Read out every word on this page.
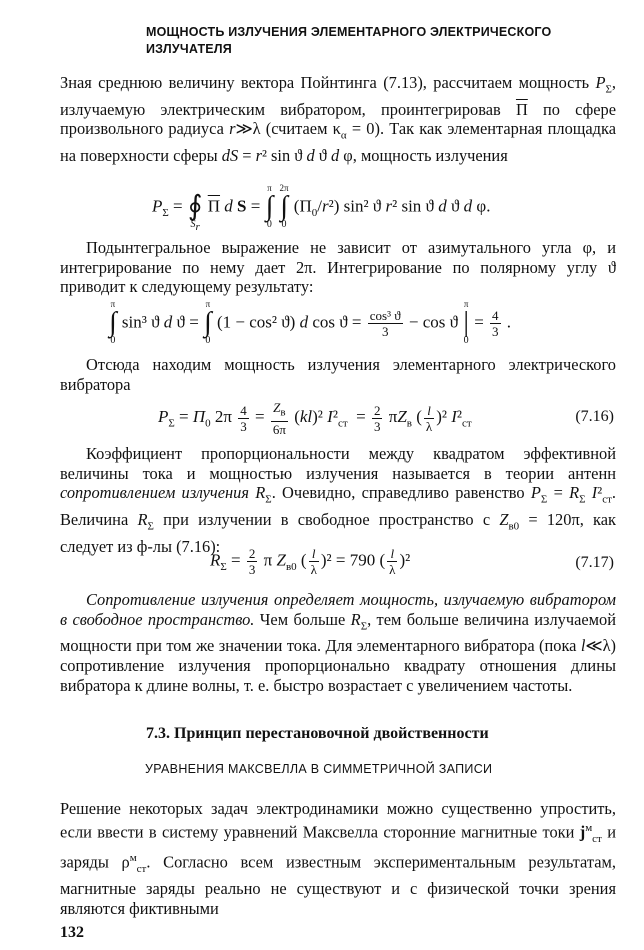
МОЩНОСТЬ ИЗЛУЧЕНИЯ ЭЛЕМЕНТАРНОГО ЭЛЕКТРИЧЕСКОГО ИЗЛУЧАТЕЛЯ

Зная среднюю величину вектора Пойнтинга (7.13), рассчитаем мощность $P_\Sigma$, излучаемую электрическим вибратором, проинтегрировав П по сфере произвольного радиуса r≫λ (считаем $\kappa_\alpha = 0$). Так как элементарная площадка на поверхности сферы dS = r² sin ϑ d ϑ d φ, мощность излучения

$P_\Sigma$ = ∮
$S_r$
П d S =
π
∫
0

2π
∫
0
$(П_0/r^2)$ sin² ϑ r² sin ϑ d ϑ d φ.

Подынтегральное выражение не зависит от азимутального угла φ, и интегрирование по нему дает 2π. Интегрирование по полярному углу ϑ приводит к следующему результату:

π
∫
0
sin³ ϑ d ϑ =
π
∫
0
(1 − cos² ϑ) d $\cos ϑ = \frac{\text{cos³ ϑ}}{3} - \cos ϑ$
π
|
0
= $\frac{4}{3}$ .

Отсюда находим мощность излучения элементарного электрического вибратора

$P_\Sigma = П_0$ $2\pi \frac{4}{3} = \frac{Z_в}{6\pi} (kl)^2$ $I^2_{ст} = \frac{2}{3} \pi Z_в$ ( $\frac{l}{\lambda} )^2$ $I^2_{ст}$	(7.16)

Коэффициент пропорциональности между квадратом эффективной величины тока и мощностью излучения называется в теории антенн сопротивлением излучения $R_\Sigma$. Очевидно, справедливо равенство $P_\Sigma = R_\Sigma$ $I^2_{ст}$. Величина $R_\Sigma$ при излучении в свободное пространство с $Z_{в0} = 120\pi$, как следует из ф-лы (7.16):

$R_\Sigma = \frac{2}{3}$ π $Z_{в0}$ ( $\frac{l}{\lambda} )^2 = 790$ ( $\frac{l}{\lambda} )^2$	(7.17)

Сопротивление излучения определяет мощность, излучаемую вибратором в свободное пространство. Чем больше $R_\Sigma$, тем больше величина излучаемой мощности при том же значении тока. Для элементарного вибратора (пока l≪λ) сопротивление излучения пропорционально квадрату отношения длины вибратора к длине волны, т. е. быстро возрастает с увеличением частоты.

7.3. Принцип перестановочной двойственности
УРАВНЕНИЯ МАКСВЕЛЛА В СИММЕТРИЧНОЙ ЗАПИСИ

Решение некоторых задач электродинамики можно существенно упростить, если ввести в систему уравнений Максвелла сторонние магнитные токи $j^м_{ст}$ и заряды $\rho^м_{ст}$. Согласно всем известным экспериментальным результатам, магнитные заряды реально не существуют и с физической точки зрения являются фиктивными

132
